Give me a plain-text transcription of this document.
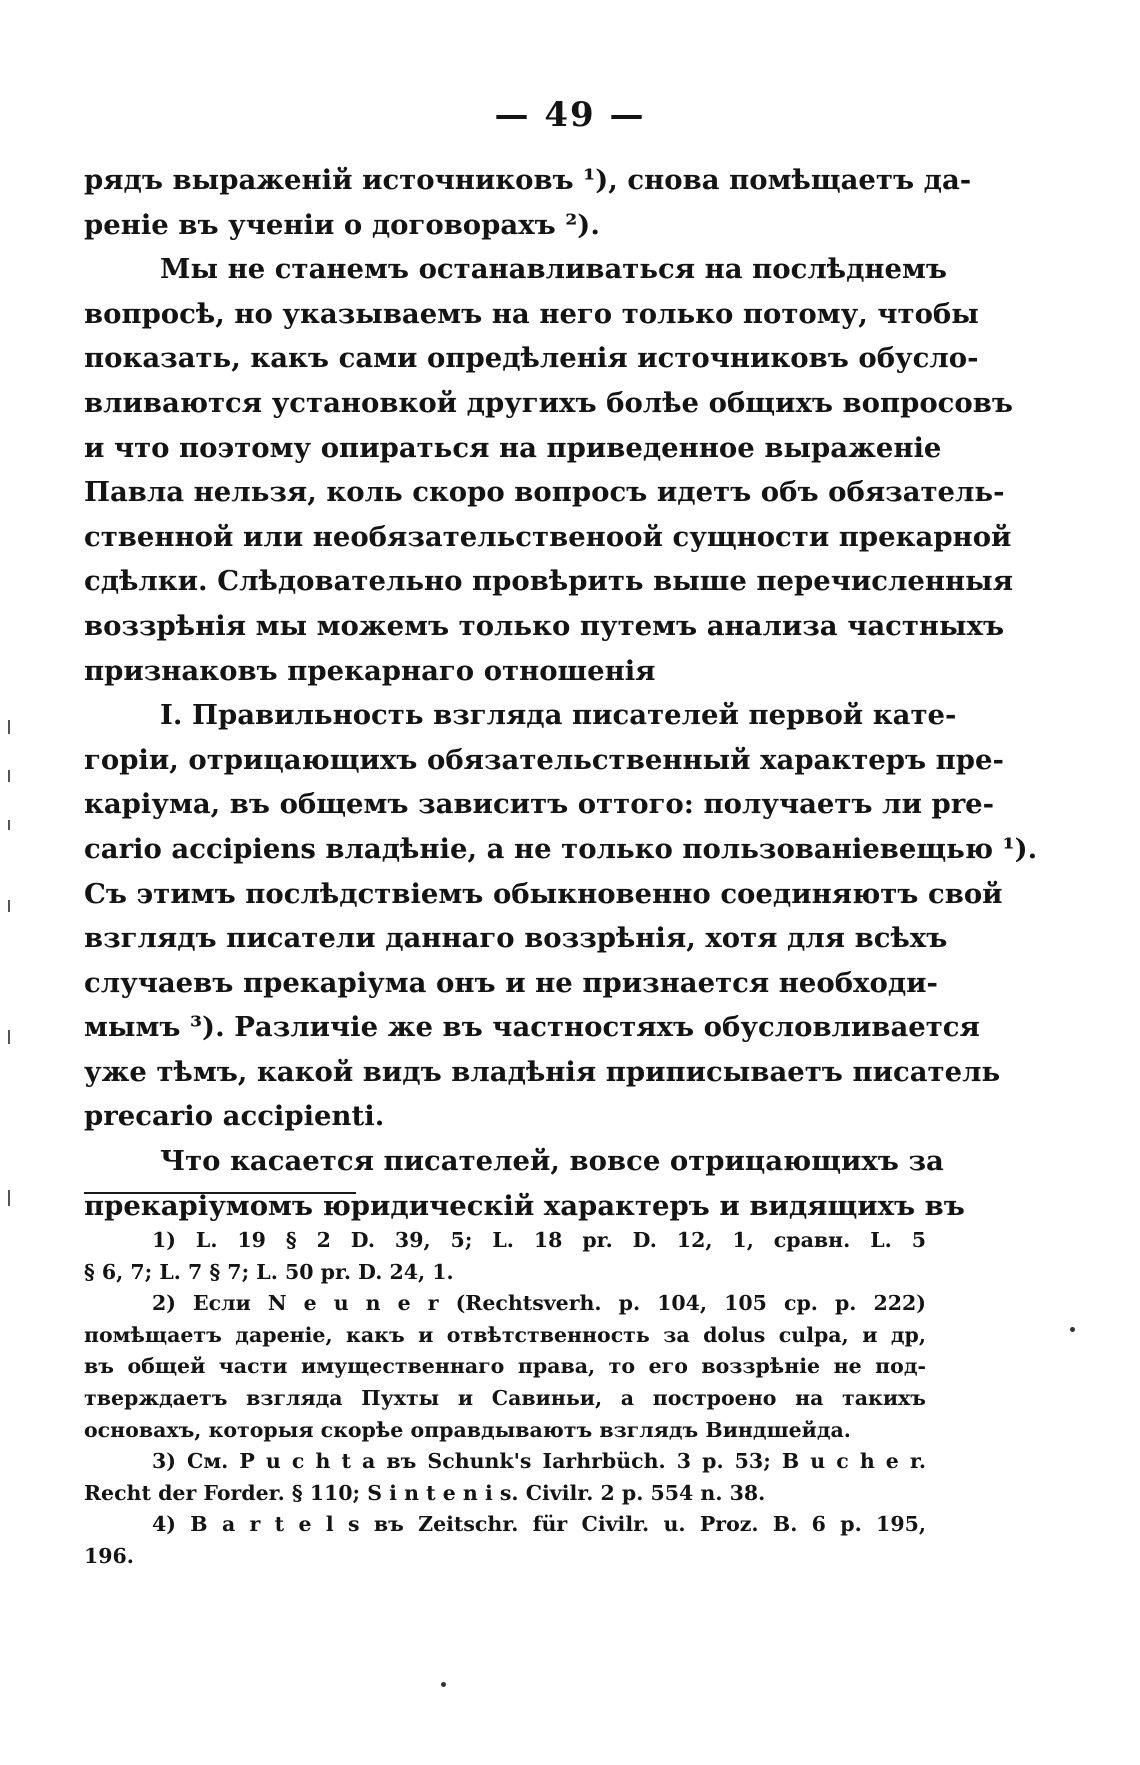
— 49 —
рядъ выраженій источниковъ ¹), снова помѣщаетъ да-
реніе въ ученіи о договорахъ ²).
Мы не станемъ останавливаться на послѣднемъ
вопросѣ, но указываемъ на него только потому, чтобы
показать, какъ сами опредѣленія источниковъ обусло-
вливаются установкой другихъ болѣе общихъ вопросовъ
и что поэтому опираться на приведенное выраженіе
Павла нельзя, коль скоро вопросъ идетъ объ обязатель-
ственной или необязательственоой сущности прекарной
сдѣлки. Слѣдовательно провѣрить выше перечисленныя
воззрѣнія мы можемъ только путемъ анализа частныхъ
признаковъ прекарнаго отношенія
I. Правильность взгляда писателей первой кате-
горіи, отрицающихъ обязательственный характеръ пре-
каріума, въ общемъ зависитъ оттого: получаетъ ли pre-
cario accipiens владѣніе, а не только пользованіевещью ¹).
Съ этимъ послѣдствіемъ обыкновенно соединяютъ свой
взглядъ писатели даннаго воззрѣнія, хотя для всѣхъ
случаевъ прекаріума онъ и не признается необходи-
мымъ ³). Различіе же въ частностяхъ обусловливается
уже тѣмъ, какой видъ владѣнія приписываетъ писатель
precario accipienti.
Что касается писателей, вовсе отрицающихъ за
прекаріумомъ юридическій характеръ и видящихъ въ
1) L. 19 § 2 D. 39, 5; L. 18 pr. D. 12, 1, сравн. L. 5
§ 6, 7; L. 7 § 7; L. 50 pr. D. 24, 1.
2) Если N e u n e r (Rechtsverh. p. 104, 105 cp. p. 222)
помѣщаетъ дареніе, какъ и отвѣтственность за dolus culpa, и др,
въ общей части имущественнаго права, то его воззрѣніе не под-
тверждаетъ взгляда Пухты и Савиньи, а построено на такихъ
основахъ, которыя скорѣе оправдываютъ взглядъ Виндшейда.
3) См. P u c h t a въ Schunk's Iarhrbüch. 3 p. 53; B u c h e r.
Recht der Forder. § 110; S i n t e n i s. Civilr. 2 p. 554 n. 38.
4) B a r t e l s въ Zeitschr. für Civilr. u. Proz. B. 6 p. 195,
196.
